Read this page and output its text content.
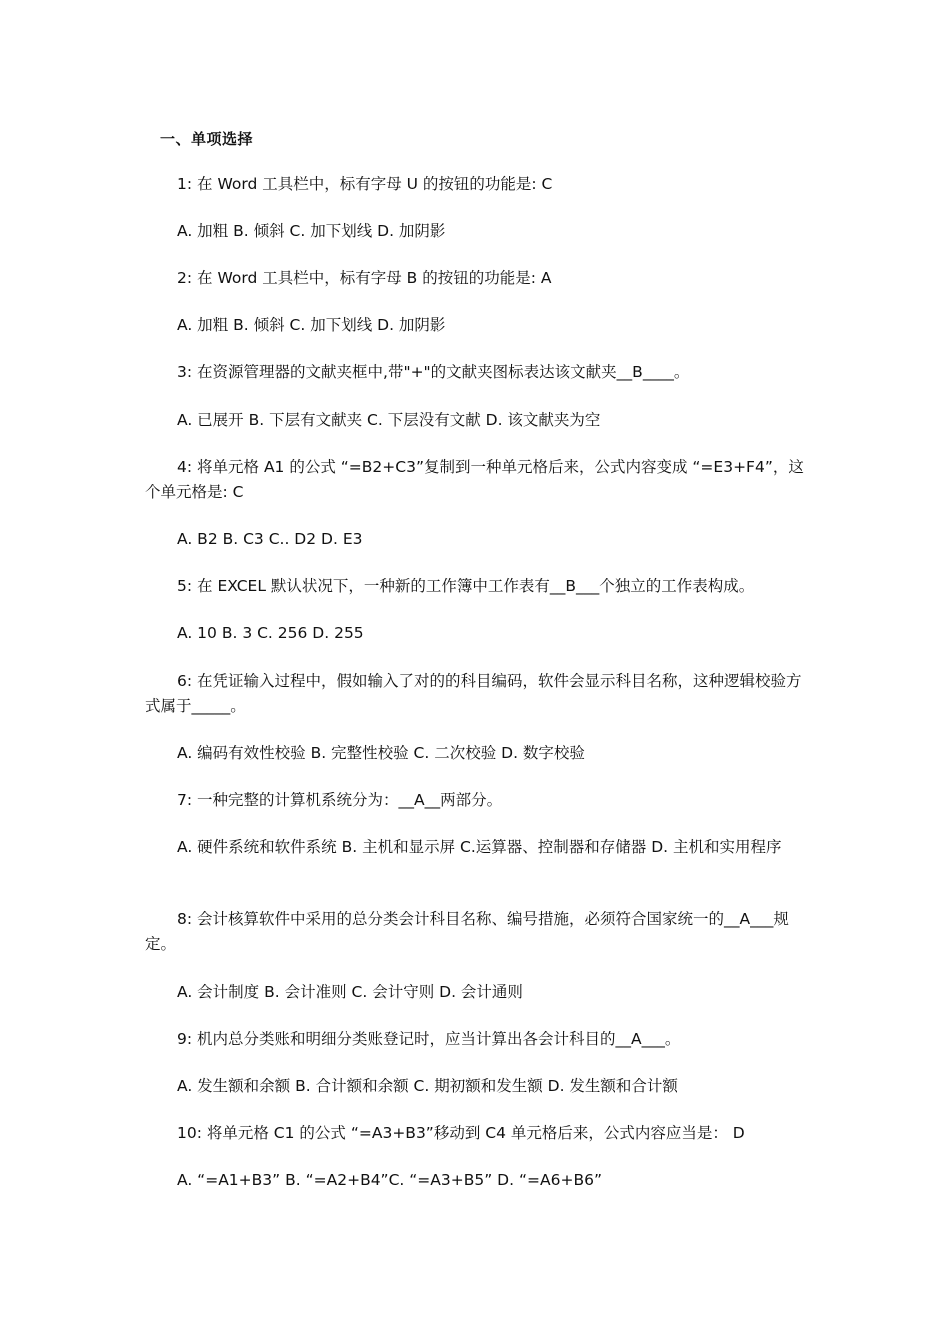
一、单项选择
1: 在 Word 工具栏中，标有字母 U 的按钮的功能是: C
A. 加粗 B. 倾斜 C. 加下划线 D. 加阴影
2: 在 Word 工具栏中，标有字母 B 的按钮的功能是: A
A. 加粗 B. 倾斜 C. 加下划线 D. 加阴影
3: 在资源管理器的文献夹框中,带"+"的文献夹图标表达该文献夹__B____。
A. 已展开 B. 下层有文献夹 C. 下层没有文献 D. 该文献夹为空
4: 将单元格 A1 的公式 “=B2+C3”复制到一种单元格后来，公式内容变成 “=E3+F4”，这个单元格是: C
A. B2 B. C3 C.. D2 D. E3
5: 在 EXCEL 默认状况下，一种新的工作簿中工作表有__B___个独立的工作表构成。
A. 10 B. 3 C. 256 D. 255
6: 在凭证输入过程中，假如输入了对的的科目编码，软件会显示科目名称，这种逻辑校验方式属于_____。
A. 编码有效性校验 B. 完整性校验 C. 二次校验 D. 数字校验
7: 一种完整的计算机系统分为：__A__两部分。
A. 硬件系统和软件系统 B. 主机和显示屏 C.运算器、控制器和存储器 D. 主机和实用程序
8: 会计核算软件中采用的总分类会计科目名称、编号措施，必须符合国家统一的__A___规定。
A. 会计制度 B. 会计准则 C. 会计守则 D. 会计通则
9: 机内总分类账和明细分类账登记时，应当计算出各会计科目的__A___。
A. 发生额和余额 B. 合计额和余额 C. 期初额和发生额 D. 发生额和合计额
10: 将单元格 C1 的公式 “=A3+B3”移动到 C4 单元格后来，公式内容应当是： D
A. “=A1+B3” B. “=A2+B4”C. “=A3+B5” D. “=A6+B6”
